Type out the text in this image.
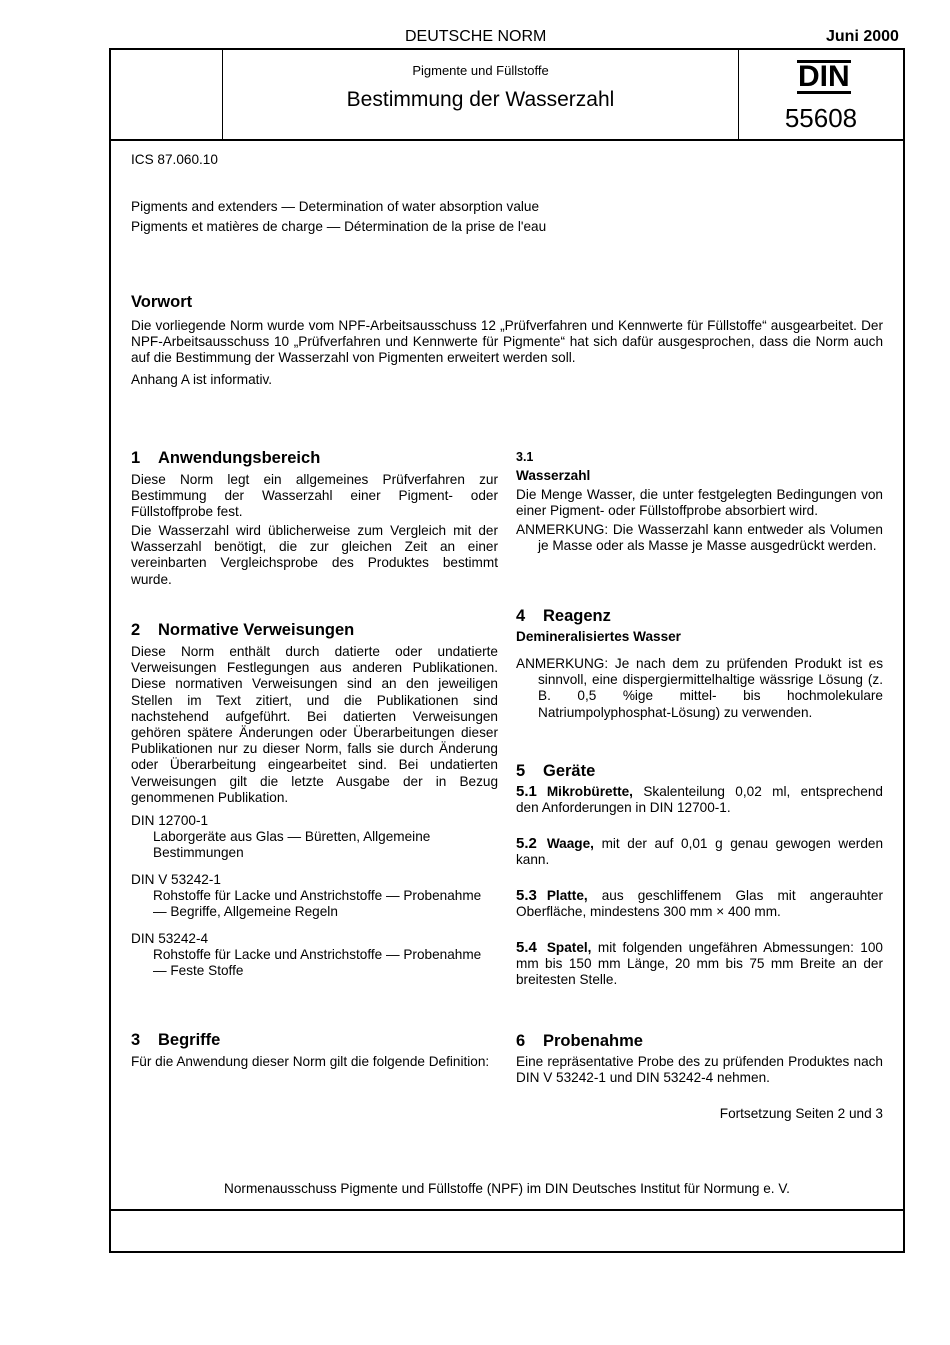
DEUTSCHE NORM	Juni 2000
Pigmente und Füllstoffe
Bestimmung der Wasserzahl
DIN
55608
ICS 87.060.10
Pigments and extenders — Determination of water absorption value
Pigments et matières de charge — Détermination de la prise de l'eau
Vorwort
Die vorliegende Norm wurde vom NPF-Arbeitsausschuss 12 „Prüfverfahren und Kennwerte für Füllstoffe“ ausgearbeitet. Der NPF-Arbeitsausschuss 10 „Prüfverfahren und Kennwerte für Pigmente“ hat sich dafür ausgesprochen, dass die Norm auch auf die Bestimmung der Wasserzahl von Pigmenten erweitert werden soll.
Anhang A ist informativ.
1 Anwendungsbereich
Diese Norm legt ein allgemeines Prüfverfahren zur Bestimmung der Wasserzahl einer Pigment- oder Füllstoffprobe fest.
Die Wasserzahl wird üblicherweise zum Vergleich mit der Wasserzahl benötigt, die zur gleichen Zeit an einer vereinbarten Vergleichsprobe des Produktes bestimmt wurde.
2 Normative Verweisungen
Diese Norm enthält durch datierte oder undatierte Verweisungen Festlegungen aus anderen Publikationen. Diese normativen Verweisungen sind an den jeweiligen Stellen im Text zitiert, und die Publikationen sind nachstehend aufgeführt. Bei datierten Verweisungen gehören spätere Änderungen oder Überarbeitungen dieser Publikationen nur zu dieser Norm, falls sie durch Änderung oder Überarbeitung eingearbeitet sind. Bei undatierten Verweisungen gilt die letzte Ausgabe der in Bezug genommenen Publikation.
DIN 12700-1
Laborgeräte aus Glas — Büretten, Allgemeine Bestimmungen
DIN V 53242-1
Rohstoffe für Lacke und Anstrichstoffe — Probenahme — Begriffe, Allgemeine Regeln
DIN 53242-4
Rohstoffe für Lacke und Anstrichstoffe — Probenahme — Feste Stoffe
3 Begriffe
Für die Anwendung dieser Norm gilt die folgende Definition:
3.1
Wasserzahl
Die Menge Wasser, die unter festgelegten Bedingungen von einer Pigment- oder Füllstoffprobe absorbiert wird.
ANMERKUNG: Die Wasserzahl kann entweder als Volumen je Masse oder als Masse je Masse ausgedrückt werden.
4 Reagenz
Demineralisiertes Wasser
ANMERKUNG: Je nach dem zu prüfenden Produkt ist es sinnvoll, eine dispergiermittelhaltige wässrige Lösung (z. B. 0,5 %ige mittel- bis hochmolekulare Natriumpolyphosphat-Lösung) zu verwenden.
5 Geräte
5.1 Mikrobürette, Skalenteilung 0,02 ml, entsprechend den Anforderungen in DIN 12700-1.
5.2 Waage, mit der auf 0,01 g genau gewogen werden kann.
5.3 Platte, aus geschliffenem Glas mit angerauhter Oberfläche, mindestens 300 mm × 400 mm.
5.4 Spatel, mit folgenden ungefähren Abmessungen: 100 mm bis 150 mm Länge, 20 mm bis 75 mm Breite an der breitesten Stelle.
6 Probenahme
Eine repräsentative Probe des zu prüfenden Produktes nach DIN V 53242-1 und DIN 53242-4 nehmen.
Fortsetzung Seiten 2 und 3
Normenausschuss Pigmente und Füllstoffe (NPF) im DIN Deutsches Institut für Normung e. V.
